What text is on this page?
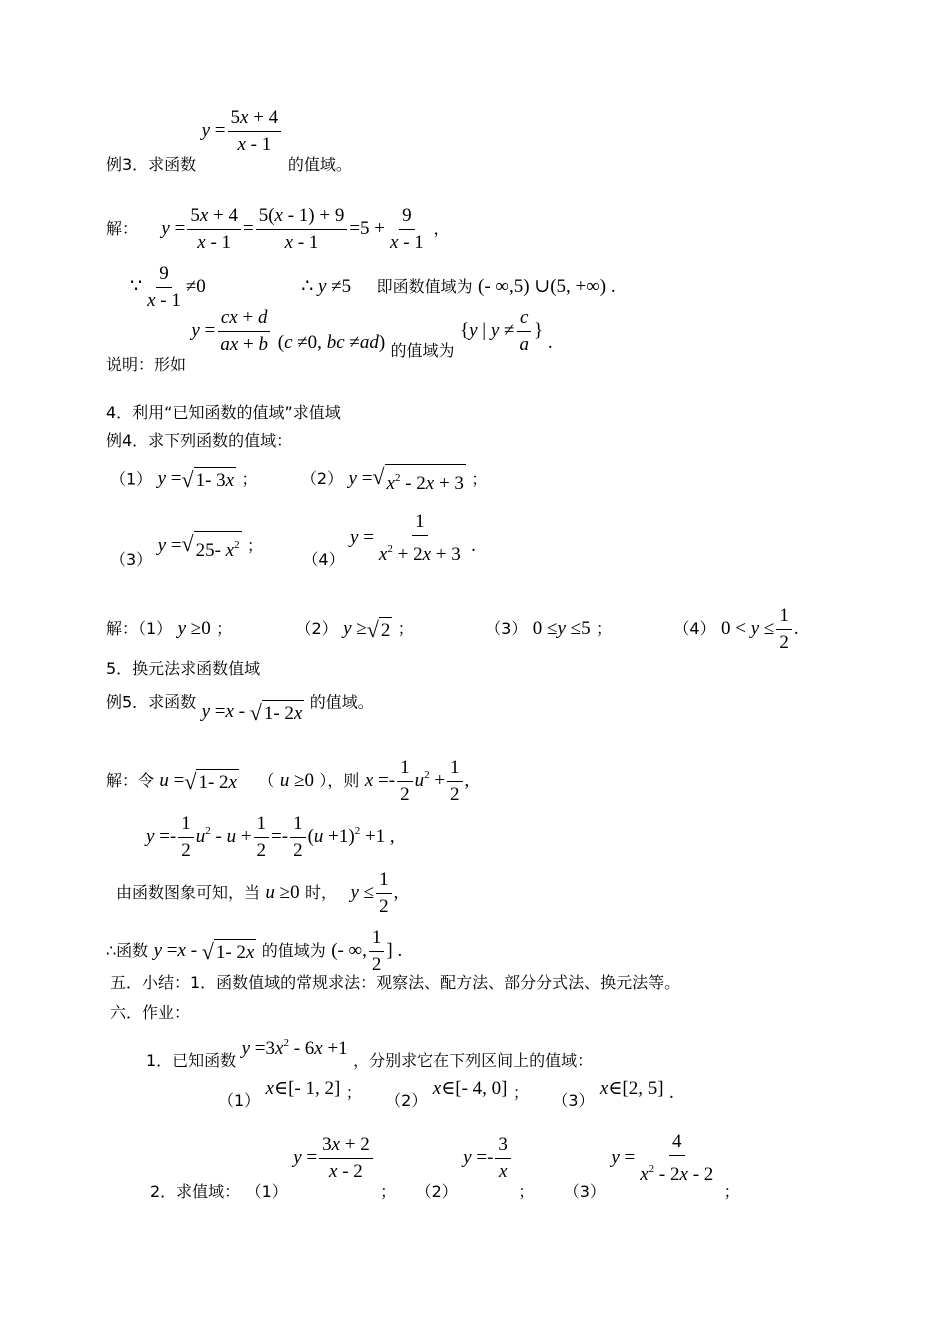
例3．求函数 $y = \frac{5x + 4}{x - 1}$
的值域。
解： $y = \frac{5x + 4}{x - 1} = \frac{5(x - 1) + 9}{x - 1} =5 + \frac{9}{x - 1}$ ，
∵ $\frac{9}{x - 1} \ne 0$	∴ y ≠5 即函数值域为 (- ∞,5) ∪(5, +∞) .
说明：形如 $y = \frac{cx + d}{ax + b} (c \ne 0$, bc ≠ad) 的值域为 {y | $y \ne \frac{c}{a}$ } .
4．利用“已知函数的值域”求值域
例4．求下列函数的值域：
（1） y = √ 1- 3x ；	（2） y = √ $x^2 - 2x + 3$ ；
（3） y = √ 25- $x^2$ ； （4） $y = \frac{1}{x^2 + 2x + 3}$ .
解：（1） y ≥0 ；	（2） y ≥ √ 2 ；	（3） 0 ≤y ≤5 ；	（4） $0 < y \le \frac{1}{2}$ .
5．换元法求函数值域
例5．求函数 y =x - √ 1- 2x
的值域。
解：令 u = √ 1- 2x （ u ≥0 ），则 $x =- \frac{1}{2} u^2 + \frac{1}{2}$ ,
$y =- \frac{1}{2} u^2 - u + \frac{1}{2} =- \frac{1}{2} (u +1)^2 +1$ ,
由函数图象可知，当 u ≥0 时， $y \le \frac{1}{2}$ ,
∴函数 y =x - √ 1- 2x 的值域为 (- ∞, $\frac{1}{2}$ ] .
五．小结：1．函数值域的常规求法：观察法、配方法、部分分式法、换元法等。
六．作业：
1．已知函数 $y =3x^2 - 6x +1$ ，分别求它在下列区间上的值域：
（1） x∈[- 1, 2] ； （2） x∈[- 4, 0] ； （3） x∈[2, 5] .
2．求值域： （1） $y = \frac{3x + 2}{x - 2}$
； （2） $y =- \frac{3}{x}$
； （3） $y = \frac{4}{x^2 - 2x - 2}$
；
